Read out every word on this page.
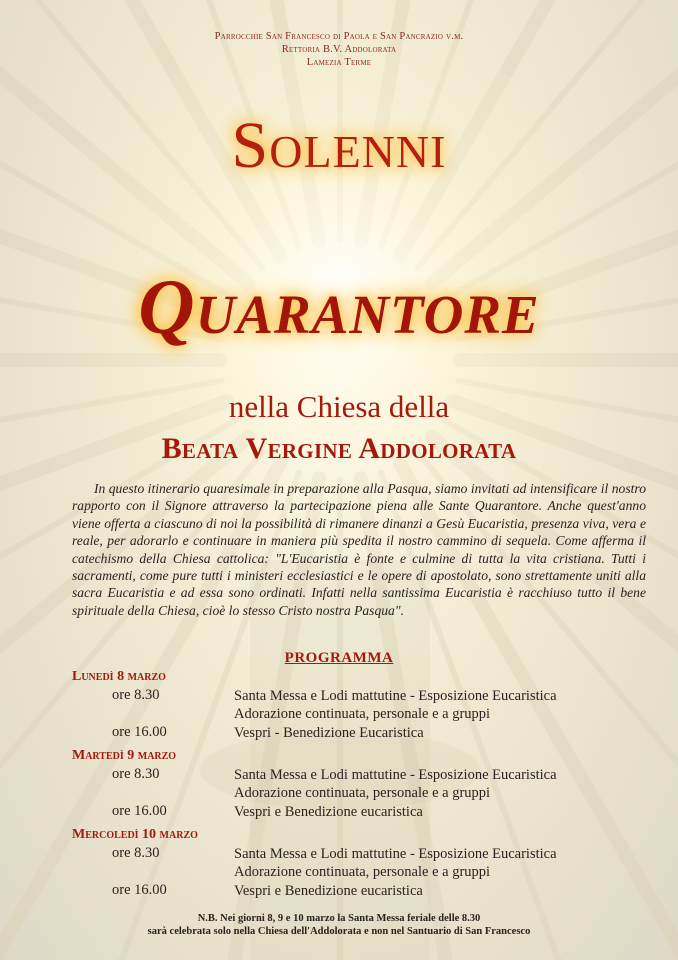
Parrocchie San Francesco di Paola e San Pancrazio v.m.
Rettoria B.V. Addolorata
Lamezia Terme
Solenni
Quarantore
nella Chiesa della
Beata Vergine Addolorata
In questo itinerario quaresimale in preparazione alla Pasqua, siamo invitati ad intensificare il nostro rapporto con il Signore attraverso la partecipazione piena alle Sante Quarantore. Anche quest'anno viene offerta a ciascuno di noi la possibilità di rimanere dinanzi a Gesù Eucaristia, presenza viva, vera e reale, per adorarlo e continuare in maniera più spedita il nostro cammino di sequela. Come afferma il catechismo della Chiesa cattolica: "L'Eucaristia è fonte e culmine di tutta la vita cristiana. Tutti i sacramenti, come pure tutti i ministeri ecclesiastici e le opere di apostolato, sono strettamente uniti alla sacra Eucaristia e ad essa sono ordinati. Infatti nella santissima Eucaristia è racchiuso tutto il bene spirituale della Chiesa, cioè lo stesso Cristo nostra Pasqua".
PROGRAMMA
Lunedì 8 marzo
ore 8.30	Santa Messa e Lodi mattutine - Esposizione Eucaristica
Adorazione continuata, personale e a gruppi
ore 16.00	Vespri - Benedizione Eucaristica
Martedì 9 marzo
ore 8.30	Santa Messa e Lodi mattutine - Esposizione Eucaristica
Adorazione continuata, personale e a gruppi
ore 16.00	Vespri e Benedizione eucaristica
Mercoledì 10 marzo
ore 8.30	Santa Messa e Lodi mattutine - Esposizione Eucaristica
Adorazione continuata, personale e a gruppi
ore 16.00	Vespri e Benedizione eucaristica
N.B. Nei giorni 8, 9 e 10 marzo la Santa Messa feriale delle 8.30
sarà celebrata solo nella Chiesa dell'Addolorata e non nel Santuario di San Francesco
